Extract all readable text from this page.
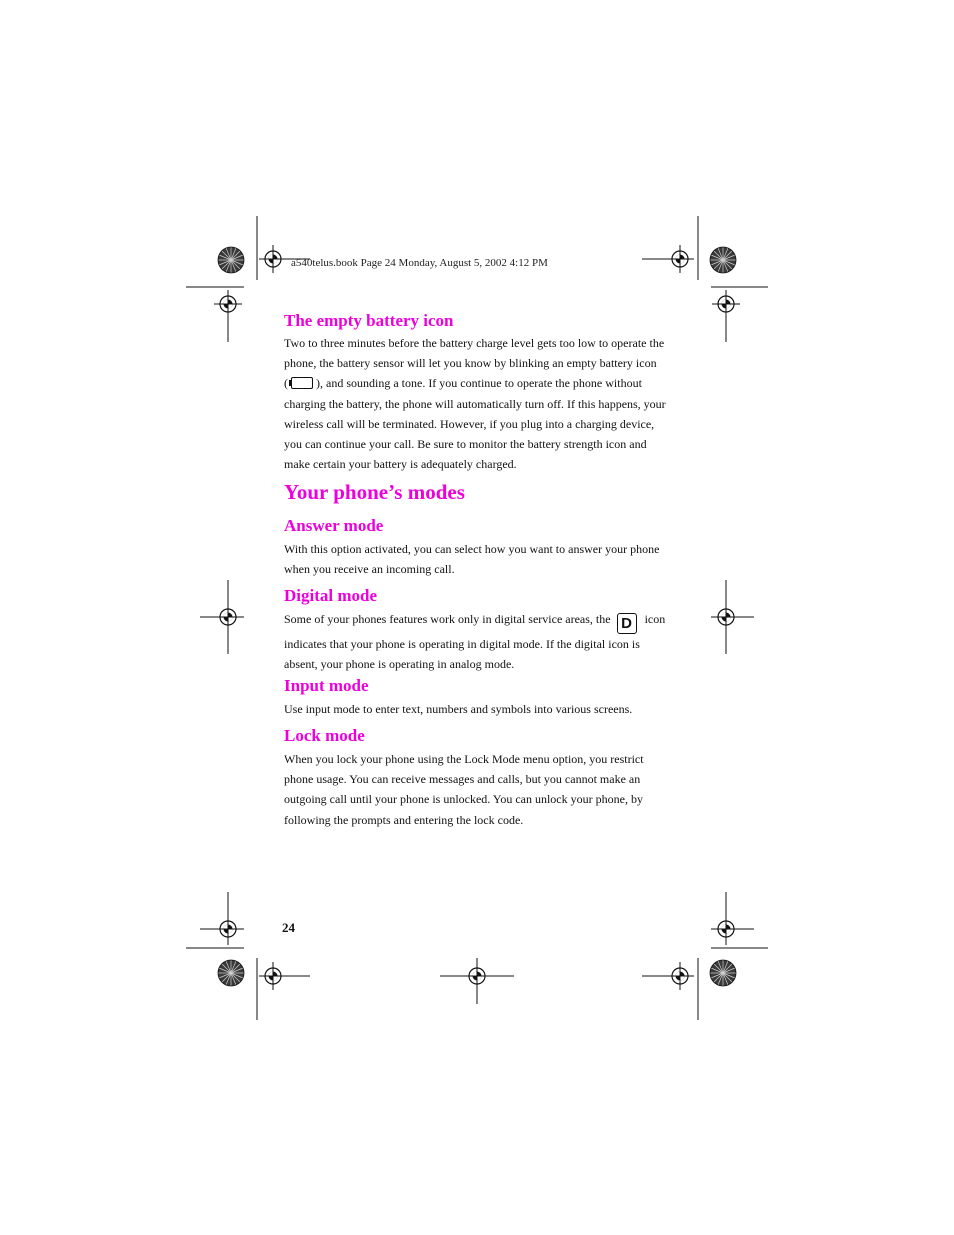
a540telus.book Page 24 Monday, August 5, 2002 4:12 PM
The empty battery icon

Two to three minutes before the battery charge level gets too low to operate the
phone, the battery sensor will let you know by blinking an empty battery icon
( ), and sounding a tone. If you continue to operate the phone without
charging the battery, the phone will automatically turn off. If this happens, your
wireless call will be terminated. However, if you plug into a charging device,
you can continue your call. Be sure to monitor the battery strength icon and
make certain your battery is adequately charged.

Your phone’s modes
Answer mode

With this option activated, you can select how you want to answer your phone
when you receive an incoming call.

Digital mode

Some of your phones features work only in digital service areas, the D icon
indicates that your phone is operating in digital mode. If the digital icon is
absent, your phone is operating in analog mode.

Input mode

Use input mode to enter text, numbers and symbols into various screens.

Lock mode

When you lock your phone using the Lock Mode menu option, you restrict
phone usage. You can receive messages and calls, but you cannot make an
outgoing call until your phone is unlocked. You can unlock your phone, by
following the prompts and entering the lock code.

24
